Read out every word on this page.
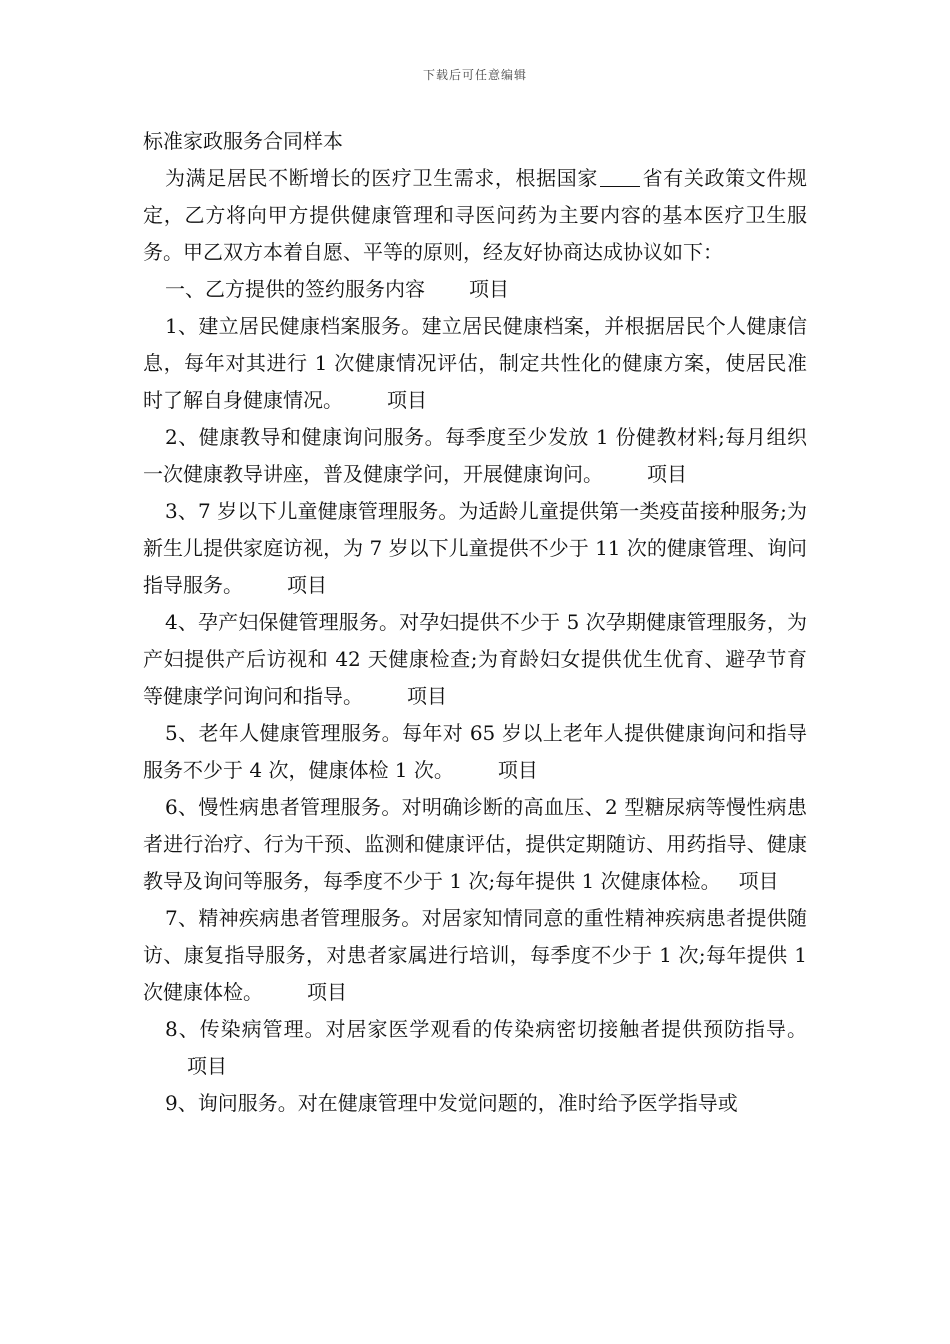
下载后可任意编辑

标准家政服务合同样本

为满足居民不断增长的医疗卫生需求，根据国家 省有关政策文件规定，乙方将向甲方提供健康管理和寻医问药为主要内容的基本医疗卫生服务。甲乙双方本着自愿、平等的原则，经友好协商达成协议如下：

一、乙方提供的签约服务内容 项目

1、建立居民健康档案服务。建立居民健康档案，并根据居民个人健康信息，每年对其进行 1 次健康情况评估，制定共性化的健康方案，使居民准时了解自身健康情况。 项目

2、健康教导和健康询问服务。每季度至少发放 1 份健教材料;每月组织一次健康教导讲座，普及健康学问，开展健康询问。 项目

3、7 岁以下儿童健康管理服务。为适龄儿童提供第一类疫苗接种服务;为新生儿提供家庭访视，为 7 岁以下儿童提供不少于 11 次的健康管理、询问指导服务。 项目

4、孕产妇保健管理服务。对孕妇提供不少于 5 次孕期健康管理服务，为产妇提供产后访视和 42 天健康检查;为育龄妇女提供优生优育、避孕节育等健康学问询问和指导。 项目

5、老年人健康管理服务。每年对 65 岁以上老年人提供健康询问和指导服务不少于 4 次，健康体检 1 次。 项目

6、慢性病患者管理服务。对明确诊断的高血压、2 型糖尿病等慢性病患者进行治疗、行为干预、监测和健康评估，提供定期随访、用药指导、健康教导及询问等服务，每季度不少于 1 次;每年提供 1 次健康体检。 项目

7、精神疾病患者管理服务。对居家知情同意的重性精神疾病患者提供随访、康复指导服务，对患者家属进行培训，每季度不少于 1 次;每年提供 1 次健康体检。 项目

8、传染病管理。对居家医学观看的传染病密切接触者提供预防指导。项目

9、询问服务。对在健康管理中发觉问题的，准时给予医学指导或
